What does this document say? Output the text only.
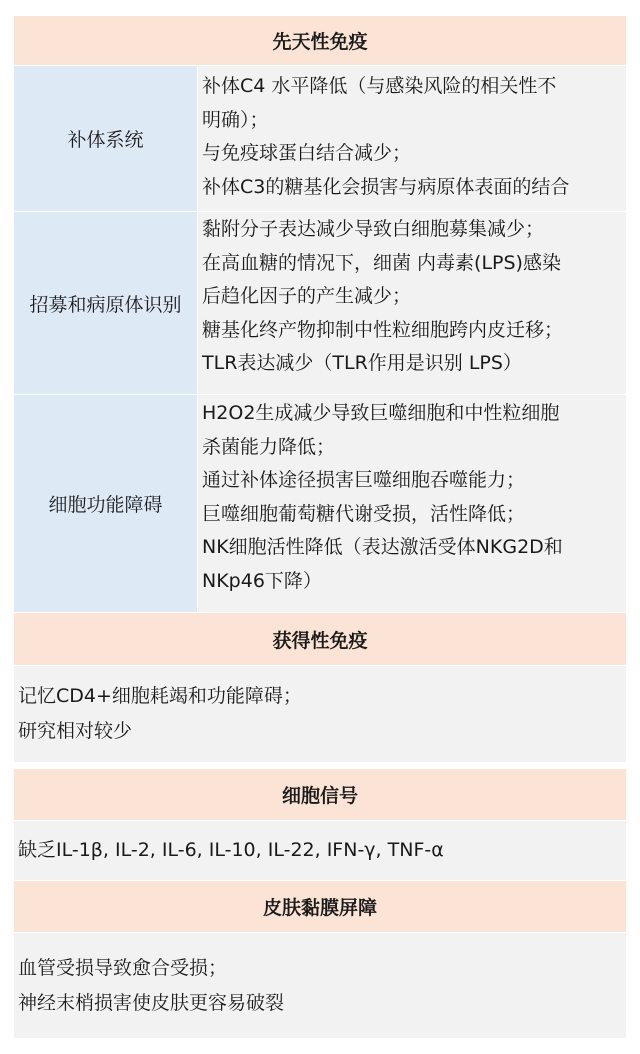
先天性免疫
补体系统
补体C4 水平降低（与感染风险的相关性不
明确）；
与免疫球蛋白结合减少；
补体C3的糖基化会损害与病原体表面的结合
招募和病原体识别
黏附分子表达减少导致白细胞募集减少；
在高血糖的情况下，细菌 内毒素(LPS)感染
后趋化因子的产生减少；
糖基化终产物抑制中性粒细胞跨内皮迁移；
TLR表达减少（TLR作用是识别 LPS）
细胞功能障碍
H2O2生成减少导致巨噬细胞和中性粒细胞
杀菌能力降低；
通过补体途径损害巨噬细胞吞噬能力；
巨噬细胞葡萄糖代谢受损，活性降低；
NK细胞活性降低（表达激活受体NKG2D和
NKp46下降）
获得性免疫
记忆CD4+细胞耗竭和功能障碍；
研究相对较少
细胞信号
缺乏IL-1β, IL-2, IL-6, IL-10, IL-22, IFN-γ, TNF-α
皮肤黏膜屏障
血管受损导致愈合受损；
神经末梢损害使皮肤更容易破裂
